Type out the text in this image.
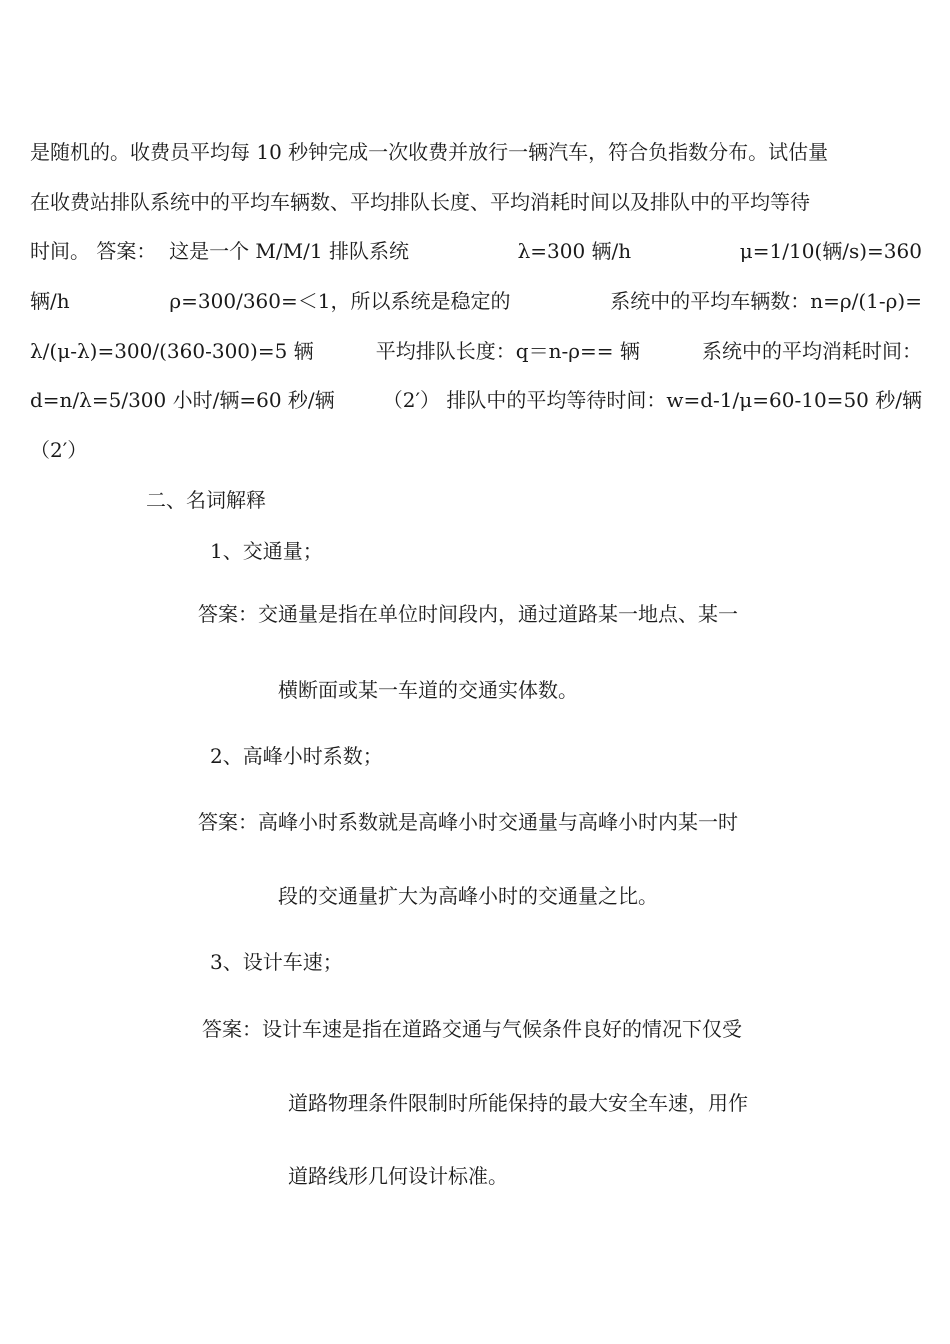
是随机的。收费员平均每 10 秒钟完成一次收费并放行一辆汽车，符合负指数分布。试估量
在收费站排队系统中的平均车辆数、平均排队长度、平均消耗时间以及排队中的平均等待
时间。 答案：  这是一个 M/M/1 排队系统	λ=300 辆/h	μ=1/10(辆/s)=360
辆/h	ρ=300/360=＜1，所以系统是稳定的	系统中的平均车辆数：n=ρ/(1-ρ)=
λ/(μ-λ)=300/(360-300)=5 辆	平均排队长度：q＝n-ρ== 辆	系统中的平均消耗时间：
d=n/λ=5/300 小时/辆=60 秒/辆 （2′） 排队中的平均等待时间：w=d-1/μ=60-10=50 秒/辆
（2′）
二、名词解释
1、交通量；
答案：交通量是指在单位时间段内，通过道路某一地点、某一
横断面或某一车道的交通实体数。
2、高峰小时系数；
答案：高峰小时系数就是高峰小时交通量与高峰小时内某一时
段的交通量扩大为高峰小时的交通量之比。
3、设计车速；
答案：设计车速是指在道路交通与气候条件良好的情况下仅受
道路物理条件限制时所能保持的最大安全车速，用作
道路线形几何设计标准。
